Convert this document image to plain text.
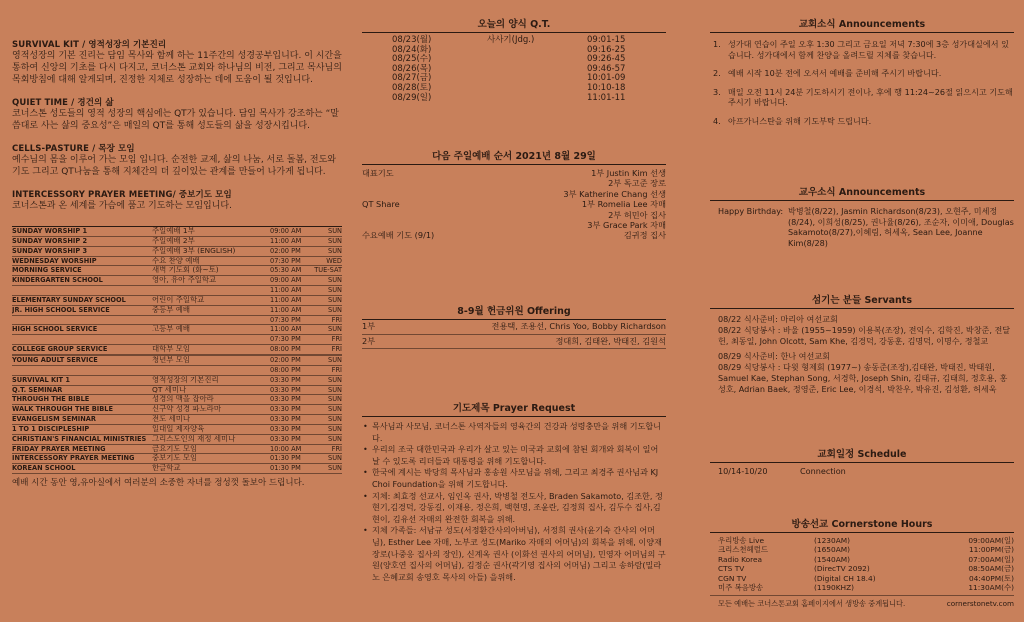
SURVIVAL KIT / 영적성장의 기본진리
영적성장의 기본 진리는 담임 목사와 함께 하는 11주간의 성경공부입니다. 이 시간을 통하여 신앙의 기초를 다시 다지고, 코너스톤 교회와 하나님의 비전, 그리고 목사님의 목회방침에 대해 알게되며, 진정한 지체로 성장하는 데에 도움이 될 것입니다.
QUIET TIME / 경건의 삶
코너스톤 성도들의 영적 성장의 핵심에는 QT가 있습니다. 담임 목사가 강조하는 “말씀대로 사는 삶의 중요성”은 매일의 QT를 통해 성도들의 삶을 성장시킵니다.
CELLS-PASTURE / 목장 모임
예수님의 몸을 이루어 가는 모임 입니다. 순전한 교제, 삶의 나눔, 서로 돌봄, 전도와 기도 그리고 QT나눔을 통해 지체간의 더 깊이있는 관계를 만들어 나가게 됩니다.
INTERCESSORY PRAYER MEETING/ 중보기도 모임
코너스톤과 온 세계를 가슴에 품고 기도하는 모임입니다.
SUNDAY WORSHIP 1	주일예배 1부	09:00 AM	SUN
SUNDAY WORSHIP 2	주일예배 2부	11:00 AM	SUN
SUNDAY WORSHIP 3	주일예배 3부 (ENGLISH)	02:00 PM	SUN
WEDNESDAY WORSHIP	수요 찬양 예배	07:30 PM	WED
MORNING SERVICE	새벽 기도회 (화~토)	05:30 AM	TUE-SAT
KINDERGARTEN SCHOOL	영아, 유아 주일학교	09:00 AM	SUN
11:00 AM	SUN
ELEMENTARY SUNDAY SCHOOL	어린이 주일학교	11:00 AM	SUN
JR. HIGH SCHOOL SERVICE	중등부 예배	11:00 AM	SUN
07:30 PM	FRI
HIGH SCHOOL SERVICE	고등부 예배	11:00 AM	SUN
07:30 PM	FRI
COLLEGE GROUP SERVICE	대학부 모임	08:00 PM	FRI
YOUNG ADULT SERVICE	청년부 모임	02:00 PM	SUN
08:00 PM	FRI
SURVIVAL KIT 1	영적성장의 기본진리	03:30 PM	SUN
Q.T. SEMINAR	QT 세미나	03:30 PM	SUN
THROUGH THE BIBLE	성경의 맥을 잡아라	03:30 PM	SUN
WALK THROUGH THE BIBLE	신구약 성경 파노라마	03:30 PM	SUN
EVANGELISM SEMINAR	전도 세미나	03:30 PM	SUN
1 TO 1 DISCIPLESHIP	일대일 제자양육	03:30 PM	SUN
CHRISTIAN'S FINANCIAL MINISTRIES 그리스도인의 재정 세미나	03:30 PM	SUN
FRIDAY PRAYER MEETING	금요기도 모임	10:00 AM	FRI
INTERCESSORY PRAYER MEETING	중보기도 모임	01:30 PM	SUN
KOREAN SCHOOL	한글학교	01:30 PM	SUN
예배 시간 동안 영,유아실에서 여러분의 소중한 자녀를 정성껏 돌보아 드립니다.
오늘의 양식 Q.T.
08/23(월)	사사기(Jdg.)	09:01-15
08/24(화)	09:16-25
08/25(수)	09:26-45
08/26(목)	09:46-57
08/27(금)	10:01-09
08/28(토)	10:10-18
08/29(일)	11:01-11
다음 주일예배 순서 2021년 8월 29일
대표기도	1부 Justin Kim 선생
2부 독고준 장로
3부 Katherine Chang 선생
QT Share	1부 Romelia Lee 자매
2부 허민아 집사
3부 Grace Park 자매
수요예배 기도 (9/1)	김귀정 집사
8-9월 헌금위원 Offering
1부	전용택, 조용선, Chris Yoo, Bobby Richardson
2부	정대희, 김태완, 박태진, 김원석
기도제목 Prayer Request
• 목사님과 사모님, 코너스톤 사역자들의 영육간의 건강과 성령충만을 위해 기도합니다.
• 우리의 조국 대한민국과 우리가 살고 있는 미국과 교회에 참된 회개와 회복이 일어날 수 있도록 리더들과 대통령을 위해 기도합니다.
• 한국에 계시는 박당희 목사님과 홍송원 사모님을 위해, 그리고 최경주 권사님과 KJ Choi Foundation을 위해 기도합니다.
• 지체: 최효정 선교사, 임인옥 권사, 박병철 전도사, Braden Sakamoto, 김조한, 정현기,김경덕, 강동길, 이재용, 정은희, 백현명, 조윤란, 김정희 집사, 김두수 집사,김현이, 김유선 자매의 완전한 회복을 위해.
• 지체 가족들: 서남규 성도(서정환간사의아버님), 서정희 권사(윤기숙 간사의 어머님), Esther Lee 자매, 노부코 성도(Mariko 자매의 어머님)의 회복을 위해, 이양재 장로(나중응 집사의 장인), 신계옥 권사 (이화선 권사의 어머님), 민영자 어머님의 구원(양호연 집사의 어머님), 김정순 권사(곽기영 집사의 어머님) 그리고 송하람(밀라노 은혜교회 송영호 목사의 아들) 을위해.
교회소식 Announcements
1. 성가대 연습이 주일 오후 1:30 그리고 금요일 저녁 7:30에 3층 성가대실에서 있습니다. 성가대에서 함께 찬양을 올려드릴 지체를 찾습니다.
2. 예배 시작 10분 전에 오셔서 예배를 준비해 주시기 바랍니다.
3. 매일 오전 11시 24분 기도하시기 전이나, 후에 행 11:24~26절 읽으시고 기도해 주시기 바랍니다.
4. 아프가니스탄을 위해 기도부탁 드립니다.
교우소식 Announcements
Happy Birthday: 박병철(8/22), Jasmin Richardson(8/23), 오현주, 미세정(8/24), 이희성(8/25), 권나율(8/26), 조순자, 이미애, Douglas Sakamoto(8/27),이혜림, 허세옥, Sean Lee, Joanne Kim(8/28)
섬기는 분들 Servants
08/22 식사준비: 마리아 여선교회
08/22 식당봉사 : 바울 (1955~1959) 이용복(조장), 전익수, 김학진, 박창준, 전달헌, 최동일, John Olcott, Sam Khe, 김경덕, 강동훈, 김명덕, 이명수, 정철교
08/29 식사준비: 한나 여선교회
08/29 식당봉사 : 다윗 형제회 (1977~) 송동준(조장),김태완, 박태진, 박태원, Samuel Kae, Stephan Song, 서경학, Joseph Shin, 김태규, 김태희, 정호용, 홍성호, Adrian Baek, 정영준, Eric Lee, 이경석, 박찬우, 박유진, 김성환, 허세욱
교회일정 Schedule
10/14-10/20	Connection
방송선교 Cornerstone Hours
우리방송 Live	(1230AM)	09:00AM(일)
크리스천헤럴드	(1650AM)	11:00PM(금)
Radio Korea	(1540AM)	07:00AM(일)
CTS TV	(DirecTV 2092)	08:50AM(금)
CGN TV	(Digital CH 18.4)	04:40PM(토)
미주 복음방송	(1190KHZ)	11:30AM(수)
모든 예배는 코너스톤교회 홈페이지에서 생방송 중계됩니다.	cornerstonetv.com
